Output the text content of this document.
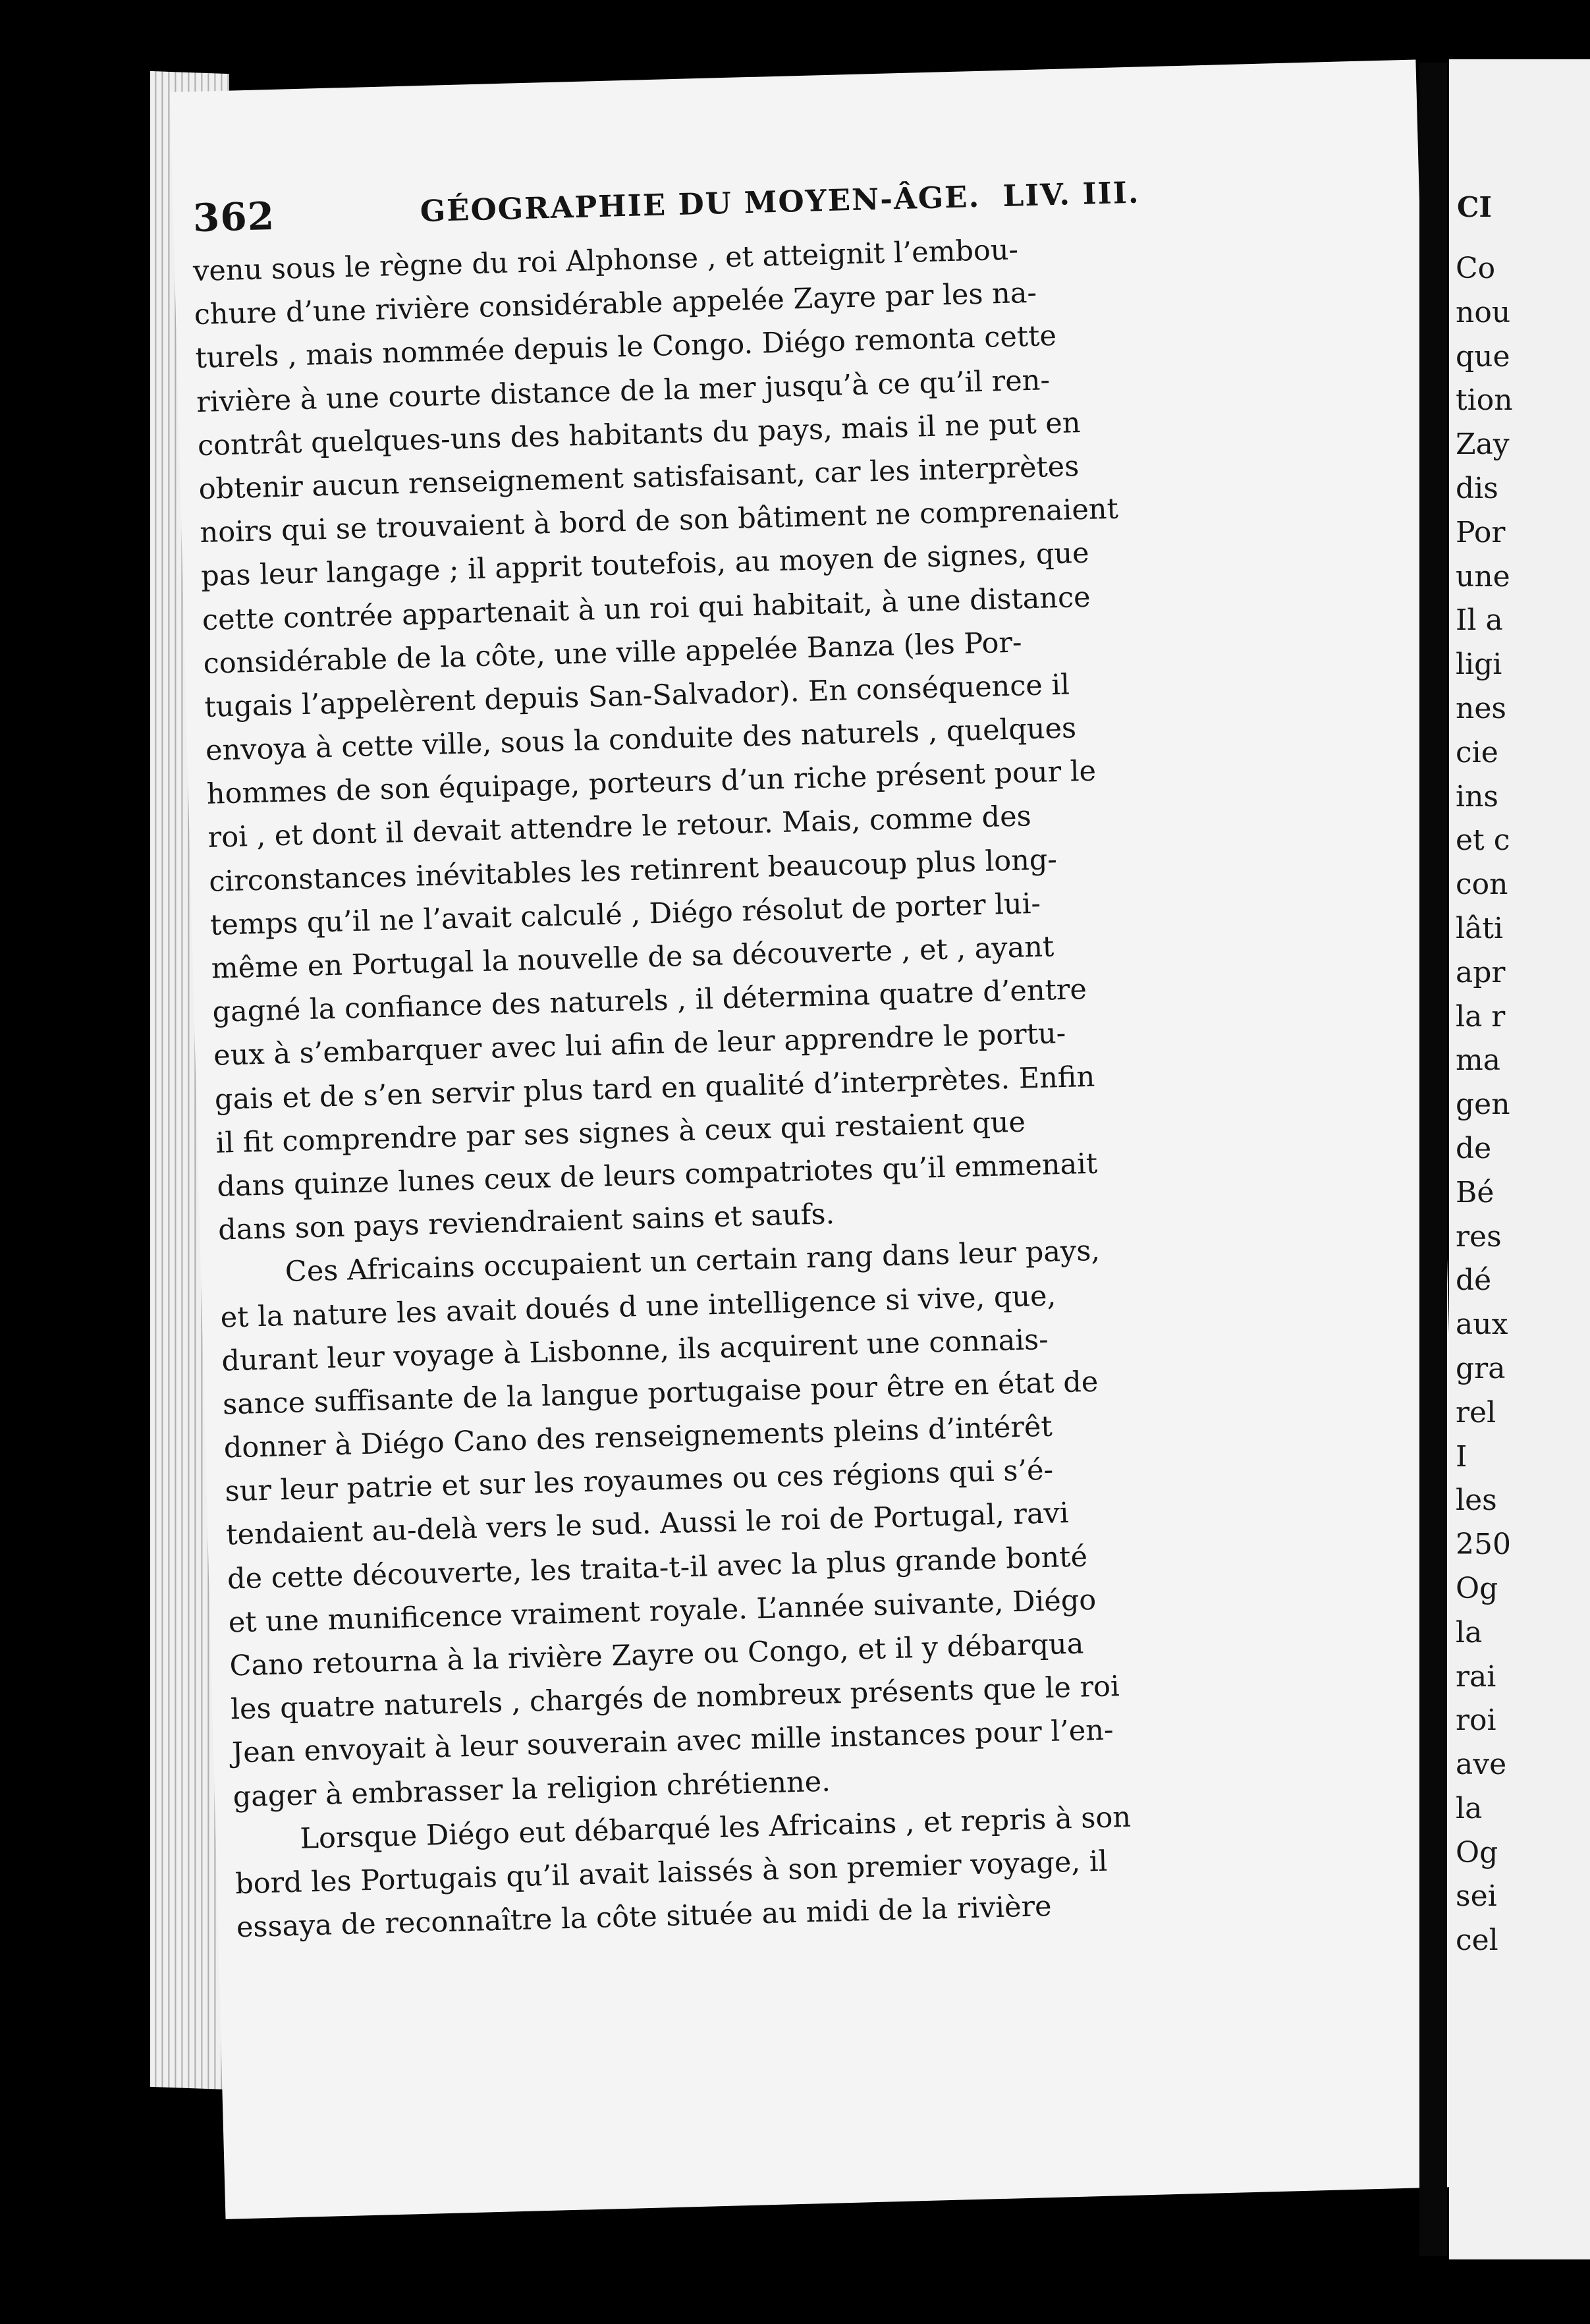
362	GÉOGRAPHIE DU MOYEN-ÂGE. LIV. III.
venu sous le règne du roi Alphonse , et atteignit l’embou-
chure d’une rivière considérable appelée Zayre par les na-
turels , mais nommée depuis le Congo. Diégo remonta cette
rivière à une courte distance de la mer jusqu’à ce qu’il ren-
contrât quelques-uns des habitants du pays, mais il ne put en
obtenir aucun renseignement satisfaisant, car les interprètes
noirs qui se trouvaient à bord de son bâtiment ne comprenaient
pas leur langage ; il apprit toutefois, au moyen de signes, que
cette contrée appartenait à un roi qui habitait, à une distance
considérable de la côte, une ville appelée Banza (les Por-
tugais l’appelèrent depuis San-Salvador). En conséquence il
envoya à cette ville, sous la conduite des naturels , quelques
hommes de son équipage, porteurs d’un riche présent pour le
roi , et dont il devait attendre le retour. Mais, comme des
circonstances inévitables les retinrent beaucoup plus long-
temps qu’il ne l’avait calculé , Diégo résolut de porter lui-
même en Portugal la nouvelle de sa découverte , et , ayant
gagné la confiance des naturels , il détermina quatre d’entre
eux à s’embarquer avec lui afin de leur apprendre le portu-
gais et de s’en servir plus tard en qualité d’interprètes. Enfin
il fit comprendre par ses signes à ceux qui restaient que
dans quinze lunes ceux de leurs compatriotes qu’il emmenait
dans son pays reviendraient sains et saufs.
Ces Africains occupaient un certain rang dans leur pays,
et la nature les avait doués d une intelligence si vive, que,
durant leur voyage à Lisbonne, ils acquirent une connais-
sance suffisante de la langue portugaise pour être en état de
donner à Diégo Cano des renseignements pleins d’intérêt
sur leur patrie et sur les royaumes ou ces régions qui s’é-
tendaient au-delà vers le sud. Aussi le roi de Portugal, ravi
de cette découverte, les traita-t-il avec la plus grande bonté
et une munificence vraiment royale. L’année suivante, Diégo
Cano retourna à la rivière Zayre ou Congo, et il y débarqua
les quatre naturels , chargés de nombreux présents que le roi
Jean envoyait à leur souverain avec mille instances pour l’en-
gager à embrasser la religion chrétienne.
Lorsque Diégo eut débarqué les Africains , et repris à son
bord les Portugais qu’il avait laissés à son premier voyage, il
essaya de reconnaître la côte située au midi de la rivière
CI
Co
nou
que
tion
Zay
dis
Por
une
Il a
ligi
nes
cie
ins
et c
con
lâti
apr
la r
ma
gen
de
Bé
res
dé
aux
gra
rel
I
les
250
Og
la
rai
roi
ave
la
Og
sei
cel
